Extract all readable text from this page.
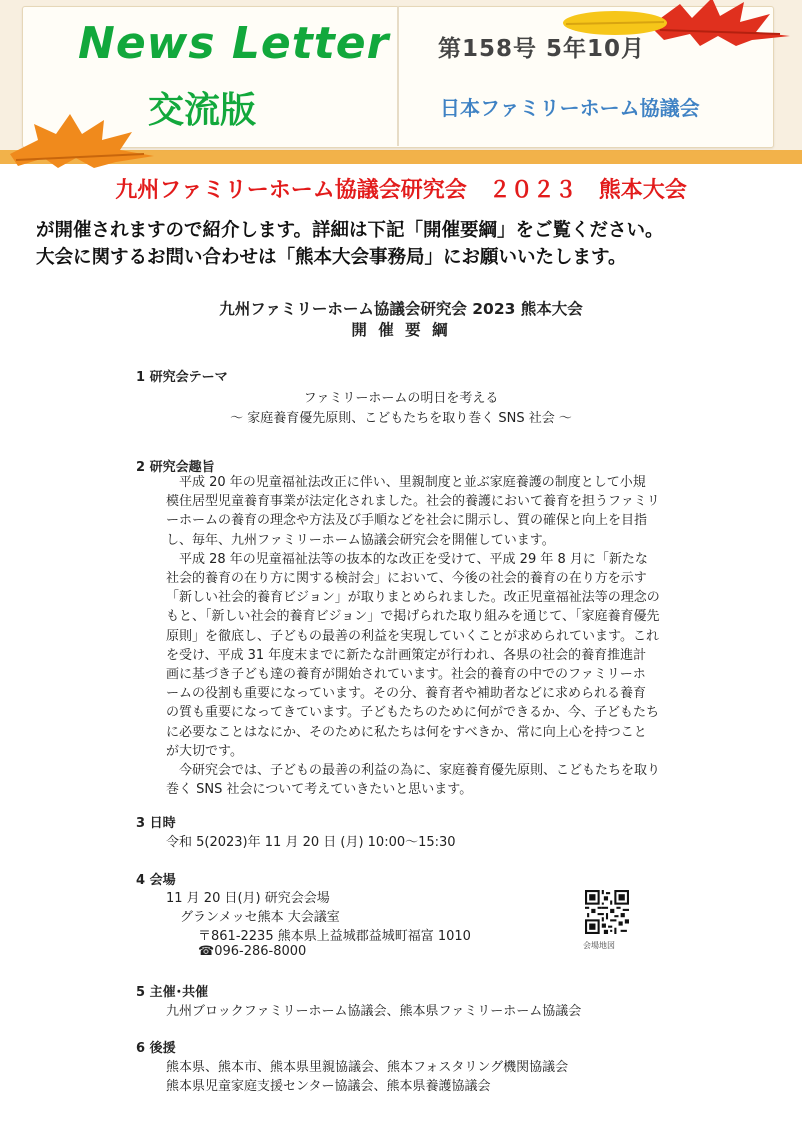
News Letter
交流版
第158号 5年10月
日本ファミリーホーム協議会
九州ファミリーホーム協議会研究会　２０２３　熊本大会
が開催されますので紹介します。詳細は下記「開催要綱」をご覧ください。
大会に関するお問い合わせは「熊本大会事務局」にお願いいたします。
九州ファミリーホーム協議会研究会 2023 熊本大会
開 催 要 綱
1 研究会テーマ
ファミリーホームの明日を考える
～ 家庭養育優先原則、こどもたちを取り巻く SNS 社会 ～
2 研究会趣旨
　平成 20 年の児童福祉法改正に伴い、里親制度と並ぶ家庭養護の制度として小規
模住居型児童養育事業が法定化されました。社会的養護において養育を担うファミリ
ーホームの養育の理念や方法及び手順などを社会に開示し、質の確保と向上を目指
し、毎年、九州ファミリーホーム協議会研究会を開催しています。
　平成 28 年の児童福祉法等の抜本的な改正を受けて、平成 29 年 8 月に「新たな
社会的養育の在り方に関する検討会」において、今後の社会的養育の在り方を示す
「新しい社会的養育ビジョン」が取りまとめられました。改正児童福祉法等の理念の
もと、「新しい社会的養育ビジョン」で掲げられた取り組みを通じて、「家庭養育優先
原則」を徹底し、子どもの最善の利益を実現していくことが求められています。これ
を受け、平成 31 年度末までに新たな計画策定が行われ、各県の社会的養育推進計
画に基づき子ども達の養育が開始されています。社会的養育の中でのファミリーホ
ームの役割も重要になっています。その分、養育者や補助者などに求められる養育
の質も重要になってきています。子どもたちのために何ができるか、今、子どもたち
に必要なことはなにか、そのために私たちは何をすべきか、常に向上心を持つこと
が大切です。
　今研究会では、子どもの最善の利益の為に、家庭養育優先原則、こどもたちを取り
巻く SNS 社会について考えていきたいと思います。
3 日時
令和 5(2023)年 11 月 20 日 (月) 10:00～15:30
4 会場
11 月 20 日(月) 研究会会場
グランメッセ熊本 大会議室
〒861-2235 熊本県上益城郡益城町福富 1010
☎096-286-8000	会場地図
5 主催･共催
九州ブロックファミリーホーム協議会、熊本県ファミリーホーム協議会
6 後援
熊本県、熊本市、熊本県里親協議会、熊本フォスタリング機関協議会
熊本県児童家庭支援センター協議会、熊本県養護協議会
